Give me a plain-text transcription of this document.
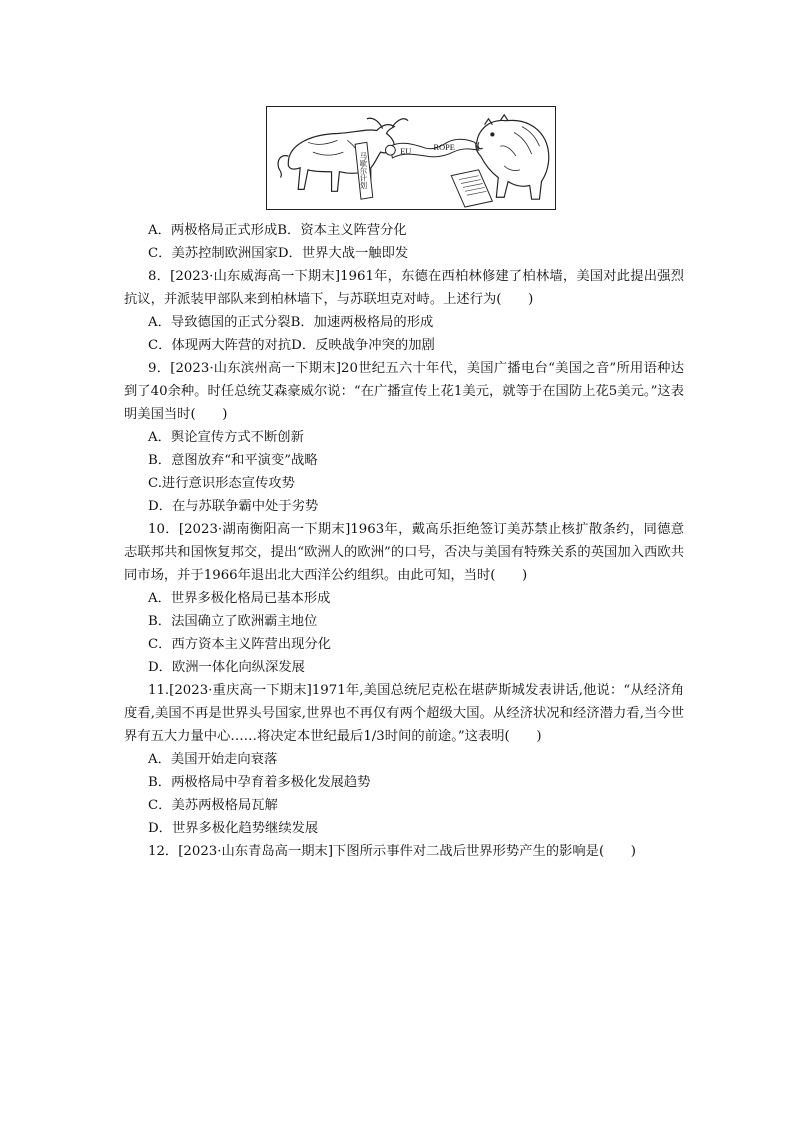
马歇尔计划
EU	ROPE
A．两极格局正式形成B．资本主义阵营分化
C．美苏控制欧洲国家D．世界大战一触即发
8．[2023·山东威海高一下期末]1961年，东德在西柏林修建了柏林墙，美国对此提出强烈抗议，并派装甲部队来到柏林墙下，与苏联坦克对峙。上述行为(　　)
A．导致德国的正式分裂B．加速两极格局的形成
C．体现两大阵营的对抗D．反映战争冲突的加剧
9．[2023·山东滨州高一下期末]20世纪五六十年代，美国广播电台“美国之音”所用语种达到了40余种。时任总统艾森豪威尔说：“在广播宣传上花1美元，就等于在国防上花5美元。”这表明美国当时(　　)
A．舆论宣传方式不断创新
B．意图放弃“和平演变”战略
C.进行意识形态宣传攻势
D．在与苏联争霸中处于劣势
10．[2023·湖南衡阳高一下期末]1963年，戴高乐拒绝签订美苏禁止核扩散条约，同德意志联邦共和国恢复邦交，提出“欧洲人的欧洲”的口号，否决与美国有特殊关系的英国加入西欧共同市场，并于1966年退出北大西洋公约组织。由此可知，当时(　　)
A．世界多极化格局已基本形成
B．法国确立了欧洲霸主地位
C．西方资本主义阵营出现分化
D．欧洲一体化向纵深发展
11.[2023·重庆高一下期末]1971年,美国总统尼克松在堪萨斯城发表讲话,他说：“从经济角度看,美国不再是世界头号国家,世界也不再仅有两个超级大国。从经济状况和经济潜力看,当今世界有五大力量中心……将决定本世纪最后1/3时间的前途。”这表明(　　)
A．美国开始走向衰落
B．两极格局中孕育着多极化发展趋势
C．美苏两极格局瓦解
D．世界多极化趋势继续发展
12．[2023·山东青岛高一期末]下图所示事件对二战后世界形势产生的影响是(　　)
